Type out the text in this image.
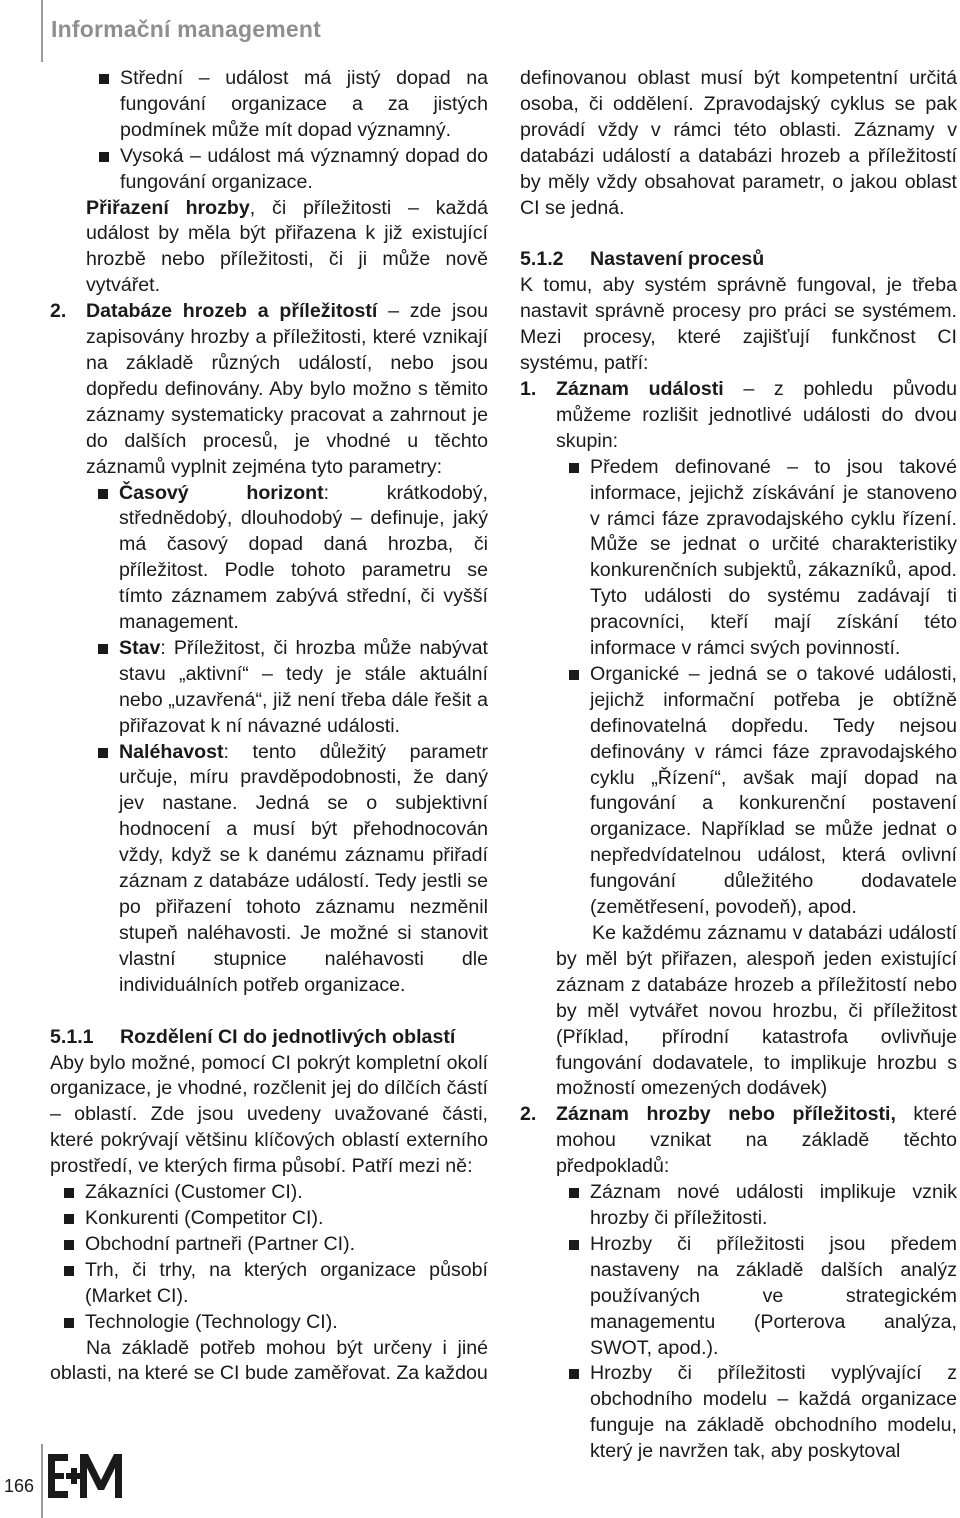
Informační management
Střední – událost má jistý dopad na fungování organizace a za jistých podmínek může mít dopad významný.
Vysoká – událost má významný dopad do fungování organizace.

Přiřazení hrozby, či příležitosti – každá událost by měla být přiřazena k již existující hrozbě nebo příležitosti, či ji může nově vytvářet.

2. Databáze hrozeb a příležitostí – zde jsou zapisovány hrozby a příležitosti, které vznikají na základě různých událostí, nebo jsou dopředu definovány. Aby bylo možno s těmito záznamy systematicky pracovat a zahrnout je do dalších procesů, je vhodné u těchto záznamů vyplnit zejména tyto parametry:

Časový horizont: krátkodobý, střednědobý, dlouhodobý – definuje, jaký má časový dopad daná hrozba, či příležitost. Podle tohoto parametru se tímto záznamem zabývá střední, či vyšší management.
Stav: Příležitost, či hrozba může nabývat stavu „aktivní“ – tedy je stále aktuální nebo „uzavřená“, již není třeba dále řešit a přiřazovat k ní návazné události.
Naléhavost: tento důležitý parametr určuje, míru pravděpodobnosti, že daný jev nastane. Jedná se o subjektivní hodnocení a musí být přehodnocován vždy, když se k danému záznamu přiřadí záznam z databáze událostí. Tedy jestli se po přiřazení tohoto záznamu nezměnil stupeň naléhavosti. Je možné si stanovit vlastní stupnice naléhavosti dle individuálních potřeb organizace.

5.1.1 Rozdělení CI do jednotlivých oblastí

Aby bylo možné, pomocí CI pokrýt kompletní okolí organizace, je vhodné, rozčlenit jej do dílčích částí – oblastí. Zde jsou uvedeny uvažované části, které pokrývají většinu klíčových oblastí externího prostředí, ve kterých firma působí. Patří mezi ně:

Zákazníci (Customer CI).
Konkurenti (Competitor CI).
Obchodní partneři (Partner CI).
Trh, či trhy, na kterých organizace působí (Market CI).
Technologie (Technology CI).

Na základě potřeb mohou být určeny i jiné oblasti, na které se CI bude zaměřovat. Za každou

definovanou oblast musí být kompetentní určitá osoba, či oddělení. Zpravodajský cyklus se pak provádí vždy v rámci této oblasti. Záznamy v databázi událostí a databázi hrozeb a příležitostí by měly vždy obsahovat parametr, o jakou oblast CI se jedná.

5.1.2 Nastavení procesů

K tomu, aby systém správně fungoval, je třeba nastavit správně procesy pro práci se systémem. Mezi procesy, které zajišťují funkčnost CI systému, patří:

1. Záznam události – z pohledu původu můžeme rozlišit jednotlivé události do dvou skupin:

Předem definované – to jsou takové informace, jejichž získávání je stanoveno v rámci fáze zpravodajského cyklu řízení. Může se jednat o určité charakteristiky konkurenčních subjektů, zákazníků, apod. Tyto události do systému zadávají ti pracovníci, kteří mají získání této informace v rámci svých povinností.
Organické – jedná se o takové události, jejichž informační potřeba je obtížně definovatelná dopředu. Tedy nejsou definovány v rámci fáze zpravodajského cyklu „Řízení“, avšak mají dopad na fungování a konkurenční postavení organizace. Například se může jednat o nepředvídatelnou událost, která ovlivní fungování důležitého dodavatele (zemětřesení, povodeň), apod.

Ke každému záznamu v databázi událostí by měl být přiřazen, alespoň jeden existující záznam z databáze hrozeb a příležitostí nebo by měl vytvářet novou hrozbu, či příležitost (Příklad, přírodní katastrofa ovlivňuje fungování dodavatele, to implikuje hrozbu s možností omezených dodávek)

2. Záznam hrozby nebo příležitosti, které mohou vznikat na základě těchto předpokladů:

Záznam nové události implikuje vznik hrozby či příležitosti.
Hrozby či příležitosti jsou předem nastaveny na základě dalších analýz používaných ve strategickém managementu (Porterova analýza, SWOT, apod.).
Hrozby či příležitosti vyplývající z obchodního modelu – každá organizace funguje na základě obchodního modelu, který je navržen tak, aby poskytoval
166
